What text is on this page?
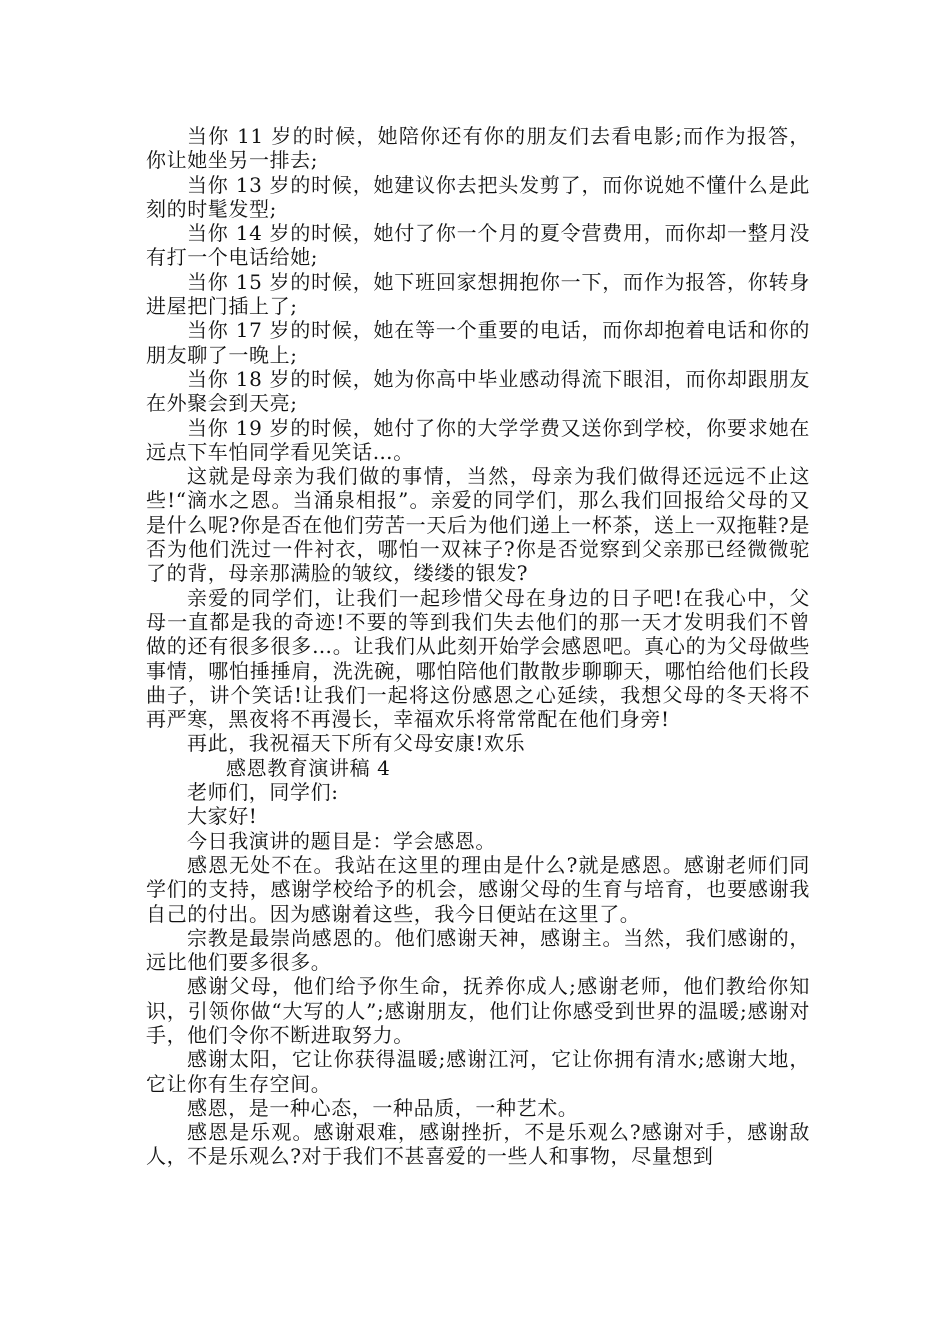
当你 11 岁的时候，她陪你还有你的朋友们去看电影;而作为报答，你让她坐另一排去;

当你 13 岁的时候，她建议你去把头发剪了，而你说她不懂什么是此刻的时髦发型;

当你 14 岁的时候，她付了你一个月的夏令营费用，而你却一整月没有打一个电话给她;

当你 15 岁的时候，她下班回家想拥抱你一下，而作为报答，你转身进屋把门插上了;

当你 17 岁的时候，她在等一个重要的电话，而你却抱着电话和你的朋友聊了一晚上;

当你 18 岁的时候，她为你高中毕业感动得流下眼泪，而你却跟朋友在外聚会到天亮;

当你 19 岁的时候，她付了你的大学学费又送你到学校，你要求她在远点下车怕同学看见笑话…。

这就是母亲为我们做的事情，当然，母亲为我们做得还远远不止这些!“滴水之恩。当涌泉相报”。亲爱的同学们，那么我们回报给父母的又是什么呢?你是否在他们劳苦一天后为他们递上一杯茶，送上一双拖鞋?是否为他们洗过一件衬衣，哪怕一双袜子?你是否觉察到父亲那已经微微驼了的背，母亲那满脸的皱纹，缕缕的银发?

亲爱的同学们，让我们一起珍惜父母在身边的日子吧!在我心中，父母一直都是我的奇迹!不要的等到我们失去他们的那一天才发明我们不曾做的还有很多很多…。让我们从此刻开始学会感恩吧。真心的为父母做些事情，哪怕捶捶肩，洗洗碗，哪怕陪他们散散步聊聊天，哪怕给他们长段曲子，讲个笑话!让我们一起将这份感恩之心延续，我想父母的冬天将不再严寒，黑夜将不再漫长，幸福欢乐将常常配在他们身旁!

再此，我祝福天下所有父母安康!欢乐

感恩教育演讲稿 4

老师们，同学们:

大家好!

今日我演讲的题目是：学会感恩。

感恩无处不在。我站在这里的理由是什么?就是感恩。感谢老师们同学们的支持，感谢学校给予的机会，感谢父母的生育与培育，也要感谢我自己的付出。因为感谢着这些，我今日便站在这里了。

宗教是最崇尚感恩的。他们感谢天神，感谢主。当然，我们感谢的，远比他们要多很多。

感谢父母，他们给予你生命，抚养你成人;感谢老师，他们教给你知识，引领你做“大写的人”;感谢朋友，他们让你感受到世界的温暖;感谢对手，他们令你不断进取努力。

感谢太阳，它让你获得温暖;感谢江河，它让你拥有清水;感谢大地，它让你有生存空间。

感恩，是一种心态，一种品质，一种艺术。

感恩是乐观。感谢艰难，感谢挫折，不是乐观么?感谢对手，感谢敌人，不是乐观么?对于我们不甚喜爱的一些人和事物，尽量想到
